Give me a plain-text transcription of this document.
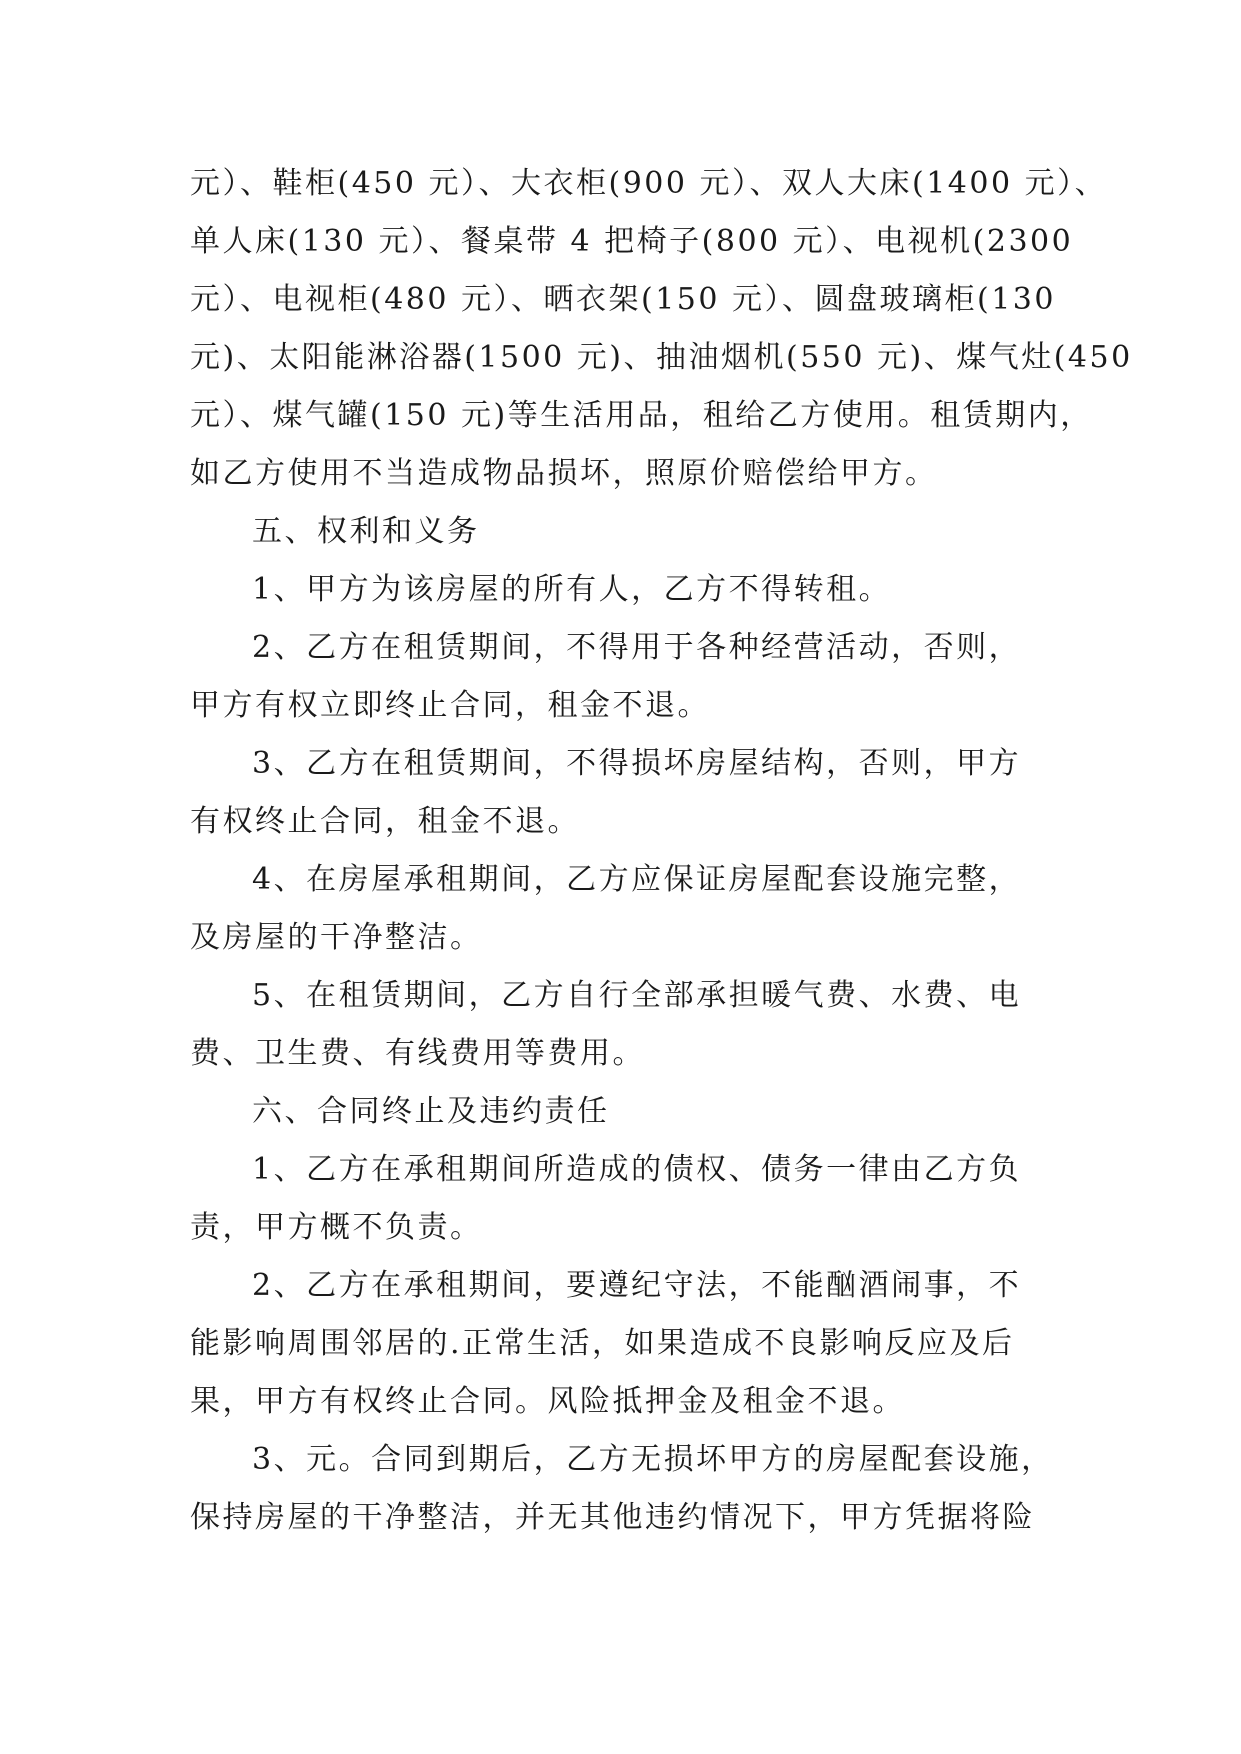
元）、鞋柜(450 元）、大衣柜(900 元）、双人大床(1400 元）、
单人床(130 元）、餐桌带 4 把椅子(800 元）、电视机(2300
元）、电视柜(480 元）、晒衣架(150 元）、圆盘玻璃柜(130
元)、太阳能淋浴器(1500 元)、抽油烟机(550 元)、煤气灶(450
元）、煤气罐(150 元)等生活用品，租给乙方使用。租赁期内，
如乙方使用不当造成物品损坏，照原价赔偿给甲方。
五、权利和义务
1、甲方为该房屋的所有人，乙方不得转租。
2、乙方在租赁期间，不得用于各种经营活动，否则，
甲方有权立即终止合同，租金不退。
3、乙方在租赁期间，不得损坏房屋结构，否则，甲方
有权终止合同，租金不退。
4、在房屋承租期间，乙方应保证房屋配套设施完整，
及房屋的干净整洁。
5、在租赁期间，乙方自行全部承担暖气费、水费、电
费、卫生费、有线费用等费用。
六、合同终止及违约责任
1、乙方在承租期间所造成的债权、债务一律由乙方负
责，甲方概不负责。
2、乙方在承租期间，要遵纪守法，不能酗酒闹事，不
能影响周围邻居的.正常生活，如果造成不良影响反应及后
果，甲方有权终止合同。风险抵押金及租金不退。
3、元。合同到期后，乙方无损坏甲方的房屋配套设施，
保持房屋的干净整洁，并无其他违约情况下，甲方凭据将险
